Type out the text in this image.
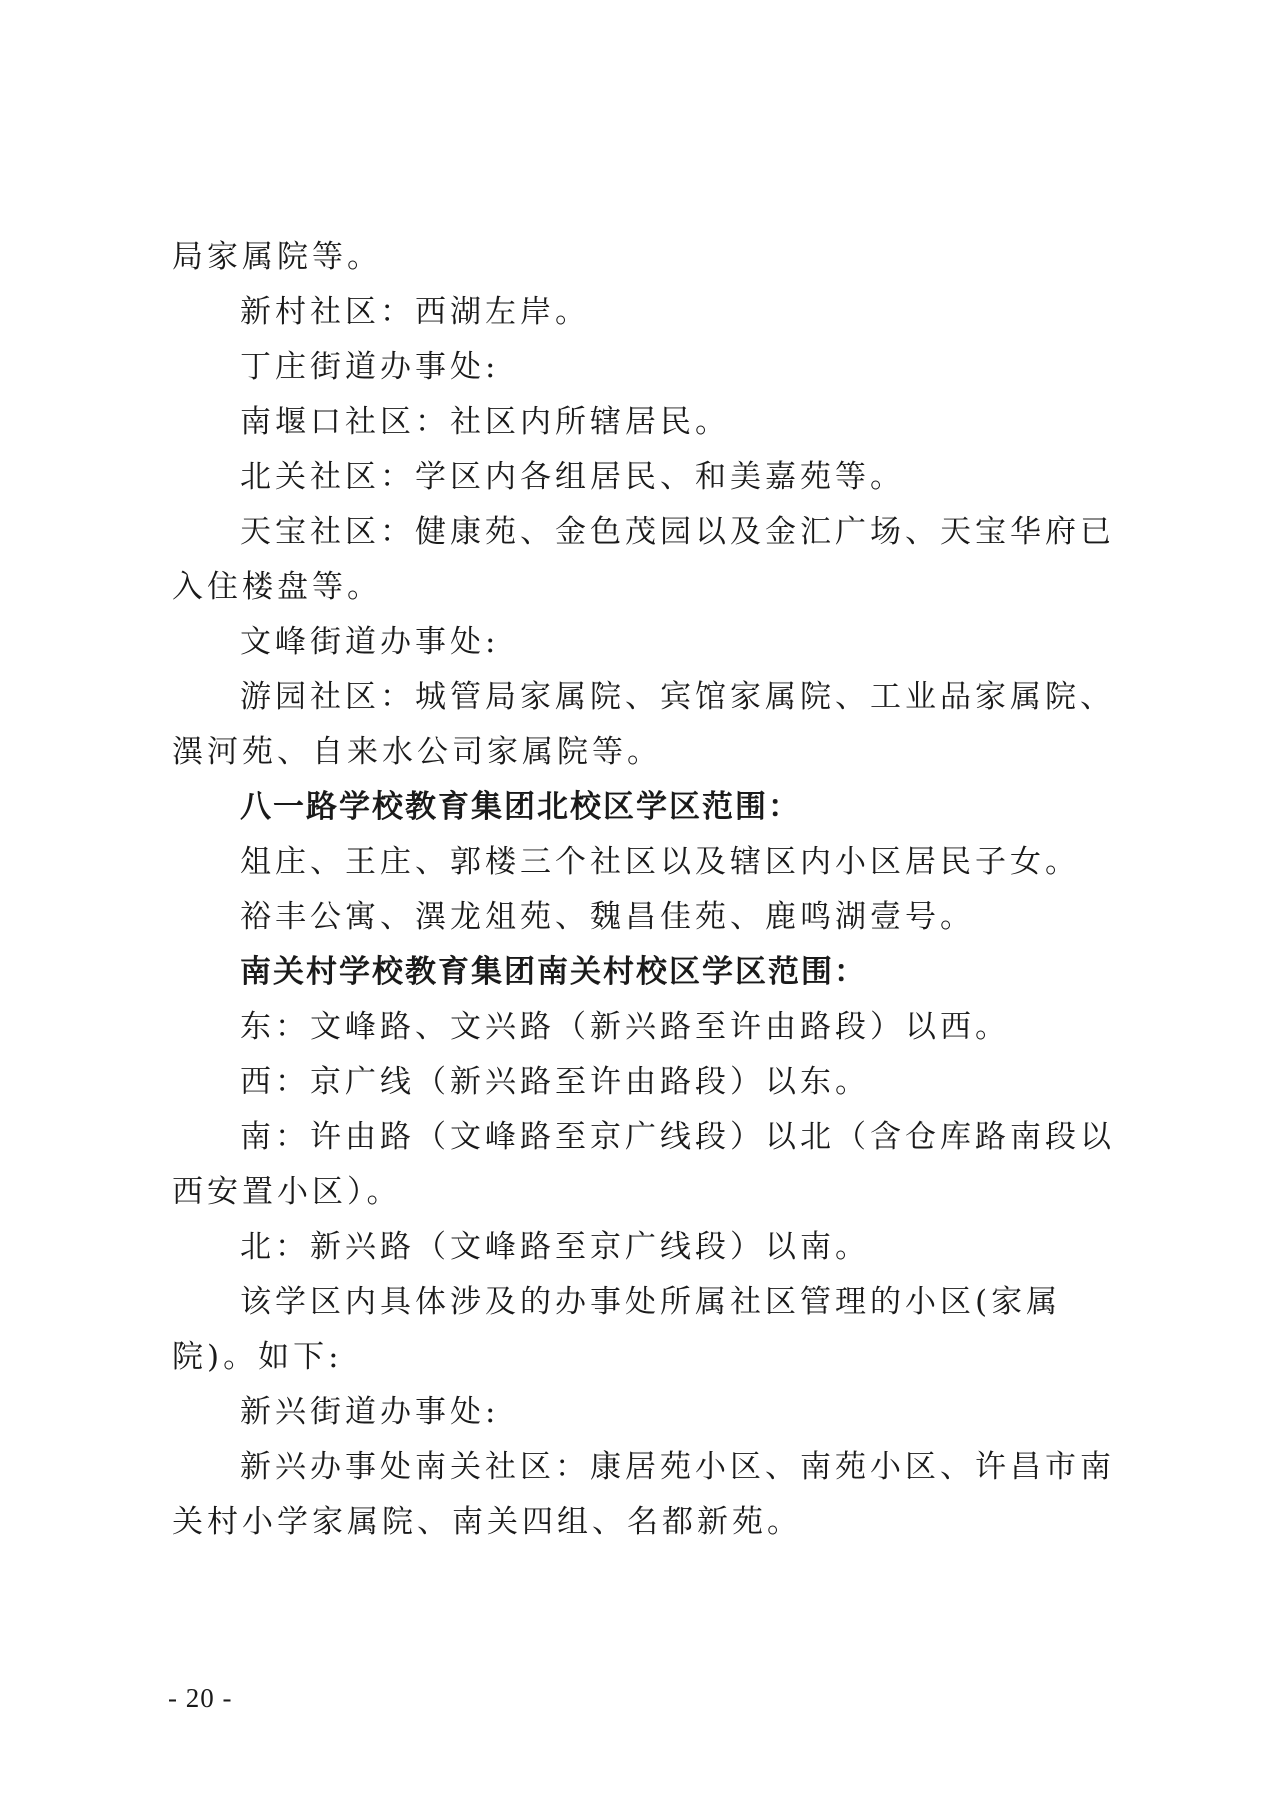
局家属院等。

新村社区：西湖左岸。

丁庄街道办事处:

南堰口社区：社区内所辖居民。

北关社区：学区内各组居民、和美嘉苑等。

天宝社区：健康苑、金色茂园以及金汇广场、天宝华府已入住楼盘等。

文峰街道办事处:

游园社区：城管局家属院、宾馆家属院、工业品家属院、潩河苑、自来水公司家属院等。

八一路学校教育集团北校区学区范围：

俎庄、王庄、郭楼三个社区以及辖区内小区居民子女。

裕丰公寓、潩龙俎苑、魏昌佳苑、鹿鸣湖壹号。

南关村学校教育集团南关村校区学区范围：

东：文峰路、文兴路（新兴路至许由路段）以西。

西：京广线（新兴路至许由路段）以东。

南：许由路（文峰路至京广线段）以北（含仓库路南段以西安置小区）。

北：新兴路（文峰路至京广线段）以南。

该学区内具体涉及的办事处所属社区管理的小区(家属院)。如下:

新兴街道办事处:

新兴办事处南关社区：康居苑小区、南苑小区、许昌市南关村小学家属院、南关四组、名都新苑。

- 20 -
